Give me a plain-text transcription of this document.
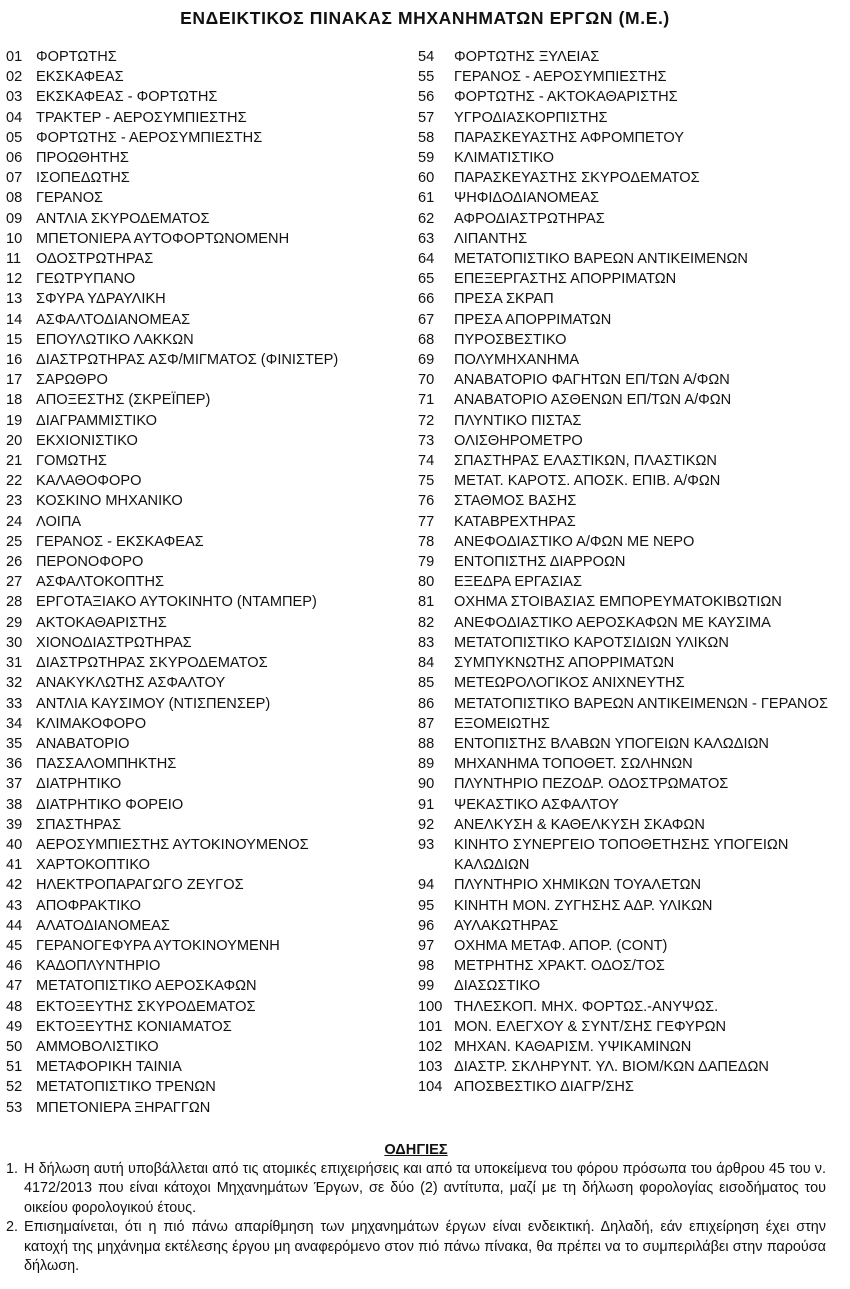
ΕΝΔΕΙΚΤΙΚΟΣ ΠΙΝΑΚΑΣ ΜΗΧΑΝΗΜΑΤΩΝ ΕΡΓΩΝ (Μ.Ε.)
01 ΦΟΡΤΩΤΗΣ
02 ΕΚΣΚΑΦΕΑΣ
03 ΕΚΣΚΑΦΕΑΣ - ΦΟΡΤΩΤΗΣ
04 ΤΡΑΚΤΕΡ - ΑΕΡΟΣΥΜΠΙΕΣΤΗΣ
05 ΦΟΡΤΩΤΗΣ - ΑΕΡΟΣΥΜΠΙΕΣΤΗΣ
06 ΠΡΟΩΘΗΤΗΣ
07 ΙΣΟΠΕΔΩΤΗΣ
08 ΓΕΡΑΝΟΣ
09 ΑΝΤΛΙΑ ΣΚΥΡΟΔΕΜΑΤΟΣ
10 ΜΠΕΤΟΝΙΕΡΑ ΑΥΤΟΦΟΡΤΩΝΟΜΕΝΗ
11	ΟΔΟΣΤΡΩΤΗΡΑΣ
12 ΓΕΩΤΡΥΠΑΝΟ
13 ΣΦΥΡΑ ΥΔΡΑΥΛΙΚΗ
14 ΑΣΦΑΛΤΟΔΙΑΝΟΜΕΑΣ
15 ΕΠΟΥΛΩΤΙΚΟ ΛΑΚΚΩΝ
16 ΔΙΑΣΤΡΩΤΗΡΑΣ ΑΣΦ/ΜΙΓΜΑΤΟΣ (ΦΙΝΙΣΤΕΡ)
17 ΣΑΡΩΘΡΟ
18 ΑΠΟΞΕΣΤΗΣ (ΣΚΡΕΪΠΕΡ)
19 ΔΙΑΓΡΑΜΜΙΣΤΙΚΟ
20 ΕΚΧΙΟΝΙΣΤΙΚΟ
21 ΓΟΜΩΤΗΣ
22 ΚΑΛΑΘΟΦΟΡΟ
23 ΚΟΣΚΙΝΟ ΜΗΧΑΝΙΚΟ
24 ΛΟΙΠΑ
25 ΓΕΡΑΝΟΣ - ΕΚΣΚΑΦΕΑΣ
26 ΠΕΡΟΝΟΦΟΡΟ
27 ΑΣΦΑΛΤΟΚΟΠΤΗΣ
28 ΕΡΓΟΤΑΞΙΑΚΟ ΑΥΤΟΚΙΝΗΤΟ (ΝΤΑΜΠΕΡ)
29 ΑΚΤΟΚΑΘΑΡΙΣΤΗΣ
30 ΧΙΟΝΟΔΙΑΣΤΡΩΤΗΡΑΣ
31 ΔΙΑΣΤΡΩΤΗΡΑΣ ΣΚΥΡΟΔΕΜΑΤΟΣ
32 ΑΝΑΚΥΚΛΩΤΗΣ ΑΣΦΑΛΤΟΥ
33 ΑΝΤΛΙΑ ΚΑΥΣΙΜΟΥ (ΝΤΙΣΠΕΝΣΕΡ)
34 ΚΛΙΜΑΚΟΦΟΡΟ
35 ΑΝΑΒΑΤΟΡΙΟ
36 ΠΑΣΣΑΛΟΜΠΗΚΤΗΣ
37 ΔΙΑΤΡΗΤΙΚΟ
38 ΔΙΑΤΡΗΤΙΚΟ ΦΟΡΕΙΟ
39 ΣΠΑΣΤΗΡΑΣ
40 ΑΕΡΟΣΥΜΠΙΕΣΤΗΣ ΑΥΤΟΚΙΝΟΥΜΕΝΟΣ
41 ΧΑΡΤΟΚΟΠΤΙΚΟ
42 ΗΛΕΚΤΡΟΠΑΡΑΓΩΓΟ ΖΕΥΓΟΣ
43 ΑΠΟΦΡΑΚΤΙΚΟ
44 ΑΛΑΤΟΔΙΑΝΟΜΕΑΣ
45 ΓΕΡΑΝΟΓΕΦΥΡΑ ΑΥΤΟΚΙΝΟΥΜΕΝΗ
46 ΚΑΔΟΠΛΥΝΤΗΡΙΟ
47 ΜΕΤΑΤΟΠΙΣΤΙΚΟ ΑΕΡΟΣΚΑΦΩΝ
48 ΕΚΤΟΞΕΥΤΗΣ ΣΚΥΡΟΔΕΜΑΤΟΣ
49 ΕΚΤΟΞΕΥΤΗΣ ΚΟΝΙΑΜΑΤΟΣ
50 ΑΜΜΟΒΟΛΙΣΤΙΚΟ
51 ΜΕΤΑΦΟΡΙΚΗ ΤΑΙΝΙΑ
52 ΜΕΤΑΤΟΠΙΣΤΙΚΟ ΤΡΕΝΩΝ
53 ΜΠΕΤΟΝΙΕΡΑ ΞΗΡΑΓΓΩΝ
54	ΦΟΡΤΩΤΗΣ ΞΥΛΕΙΑΣ
55	ΓΕΡΑΝΟΣ - ΑΕΡΟΣΥΜΠΙΕΣΤΗΣ
56	ΦΟΡΤΩΤΗΣ - ΑΚΤΟΚΑΘΑΡΙΣΤΗΣ
57	ΥΓΡΟΔΙΑΣΚΟΡΠΙΣΤΗΣ
58	ΠΑΡΑΣΚΕΥΑΣΤΗΣ ΑΦΡΟΜΠΕΤΟΥ
59	ΚΛΙΜΑΤΙΣΤΙΚΟ
60	ΠΑΡΑΣΚΕΥΑΣΤΗΣ ΣΚΥΡΟΔΕΜΑΤΟΣ
61	ΨΗΦΙΔΟΔΙΑΝΟΜΕΑΣ
62	ΑΦΡΟΔΙΑΣΤΡΩΤΗΡΑΣ
63	ΛΙΠΑΝΤΗΣ
64	ΜΕΤΑΤΟΠΙΣΤΙΚΟ ΒΑΡΕΩΝ ΑΝΤΙΚΕΙΜΕΝΩΝ
65	ΕΠΕΞΕΡΓΑΣΤΗΣ ΑΠΟΡΡΙΜΑΤΩΝ
66	ΠΡΕΣΑ ΣΚΡΑΠ
67	ΠΡΕΣΑ ΑΠΟΡΡΙΜΑΤΩΝ
68	ΠΥΡΟΣΒΕΣΤΙΚΟ
69	ΠΟΛΥΜΗΧΑΝΗΜΑ
70	ΑΝΑΒΑΤΟΡΙΟ ΦΑΓΗΤΩΝ ΕΠ/ΤΩΝ Α/ΦΩΝ
71	ΑΝΑΒΑΤΟΡΙΟ ΑΣΘΕΝΩΝ ΕΠ/ΤΩΝ Α/ΦΩΝ
72	ΠΛΥΝΤΙΚΟ ΠΙΣΤΑΣ
73	ΟΛΙΣΘΗΡΟΜΕΤΡΟ
74	ΣΠΑΣΤΗΡΑΣ ΕΛΑΣΤΙΚΩΝ, ΠΛΑΣΤΙΚΩΝ
75	ΜΕΤΑΤ. ΚΑΡΟΤΣ. ΑΠΟΣΚ. ΕΠΙΒ. Α/ΦΩΝ
76	ΣΤΑΘΜΟΣ ΒΑΣΗΣ
77	ΚΑΤΑΒΡΕΧΤΗΡΑΣ
78	ΑΝΕΦΟΔΙΑΣΤΙΚΟ Α/ΦΩΝ ΜΕ ΝΕΡΟ
79	ΕΝΤΟΠΙΣΤΗΣ ΔΙΑΡΡΟΩΝ
80	ΕΞΕΔΡΑ ΕΡΓΑΣΙΑΣ
81	ΟΧΗΜΑ ΣΤΟΙΒΑΣΙΑΣ ΕΜΠΟΡΕΥΜΑΤΟΚΙΒΩΤΙΩΝ
82	ΑΝΕΦΟΔΙΑΣΤΙΚΟ ΑΕΡΟΣΚΑΦΩΝ ΜΕ ΚΑΥΣΙΜΑ
83	ΜΕΤΑΤΟΠΙΣΤΙΚΟ ΚΑΡΟΤΣΙΔΙΩΝ ΥΛΙΚΩΝ
84	ΣΥΜΠΥΚΝΩΤΗΣ ΑΠΟΡΡΙΜΑΤΩΝ
85	ΜΕΤΕΩΡΟΛΟΓΙΚΟΣ ΑΝΙΧΝΕΥΤΗΣ
86	ΜΕΤΑΤΟΠΙΣΤΙΚΟ ΒΑΡΕΩΝ ΑΝΤΙΚΕΙΜΕΝΩΝ - ΓΕΡΑΝΟΣ
87	ΕΞΟΜΕΙΩΤΗΣ
88	ΕΝΤΟΠΙΣΤΗΣ ΒΛΑΒΩΝ ΥΠΟΓΕΙΩΝ ΚΑΛΩΔΙΩΝ
89	ΜΗΧΑΝΗΜΑ ΤΟΠΟΘΕΤ. ΣΩΛΗΝΩΝ
90	ΠΛΥΝΤΗΡΙΟ ΠΕΖΟΔΡ. ΟΔΟΣΤΡΩΜΑΤΟΣ
91	ΨΕΚΑΣΤΙΚΟ ΑΣΦΑΛΤΟΥ
92	ΑΝΕΛΚΥΣΗ & ΚΑΘΕΛΚΥΣΗ ΣΚΑΦΩΝ
93	ΚΙΝΗΤΟ ΣΥΝΕΡΓΕΙΟ ΤΟΠΟΘΕΤΗΣΗΣ ΥΠΟΓΕΙΩΝ ΚΑΛΩΔΙΩΝ
94	ΠΛΥΝΤΗΡΙΟ ΧΗΜΙΚΩΝ ΤΟΥΑΛΕΤΩΝ
95	ΚΙΝΗΤΗ ΜΟΝ. ΖΥΓΗΣΗΣ ΑΔΡ. ΥΛΙΚΩΝ
96	ΑΥΛΑΚΩΤΗΡΑΣ
97	ΟΧΗΜΑ ΜΕΤΑΦ. ΑΠΟΡ. (CONT)
98	ΜΕΤΡΗΤΗΣ ΧΡΑΚΤ. ΟΔΟΣ/ΤΟΣ
99	ΔΙΑΣΩΣΤΙΚΟ
100 ΤΗΛΕΣΚΟΠ. ΜΗΧ. ΦΟΡΤΩΣ.-ΑΝΥΨΩΣ.
101 ΜΟΝ. ΕΛΕΓΧΟΥ & ΣΥΝΤ/ΣΗΣ ΓΕΦΥΡΩΝ
102 ΜΗΧΑΝ. ΚΑΘΑΡΙΣΜ. ΥΨΙΚΑΜΙΝΩΝ
103 ΔΙΑΣΤΡ. ΣΚΛΗΡΥΝΤ. ΥΛ. ΒΙΟΜ/ΚΩΝ ΔΑΠΕΔΩΝ
104 ΑΠΟΣΒΕΣΤΙΚΟ ΔΙΑΓΡ/ΣΗΣ
ΟΔΗΓΙΕΣ
1. Η δήλωση αυτή υποβάλλεται από τις ατομικές επιχειρήσεις και από τα υποκείμενα του φόρου πρόσωπα του άρθρου 45 του ν. 4172/2013 που είναι κάτοχοι Μηχανημάτων Έργων, σε δύο (2) αντίτυπα, μαζί με τη δήλωση φορολογίας εισοδήματος του οικείου φορολογικού έτους.
2. Επισημαίνεται, ότι η πιό πάνω απαρίθμηση των μηχανημάτων έργων είναι ενδεικτική. Δηλαδή, εάν επιχείρηση έχει στην κατοχή της μηχάνημα εκτέλεσης έργου μη αναφερόμενο στον πιό πάνω πίνακα, θα πρέπει να το συμπεριλάβει στην παρούσα δήλωση.
